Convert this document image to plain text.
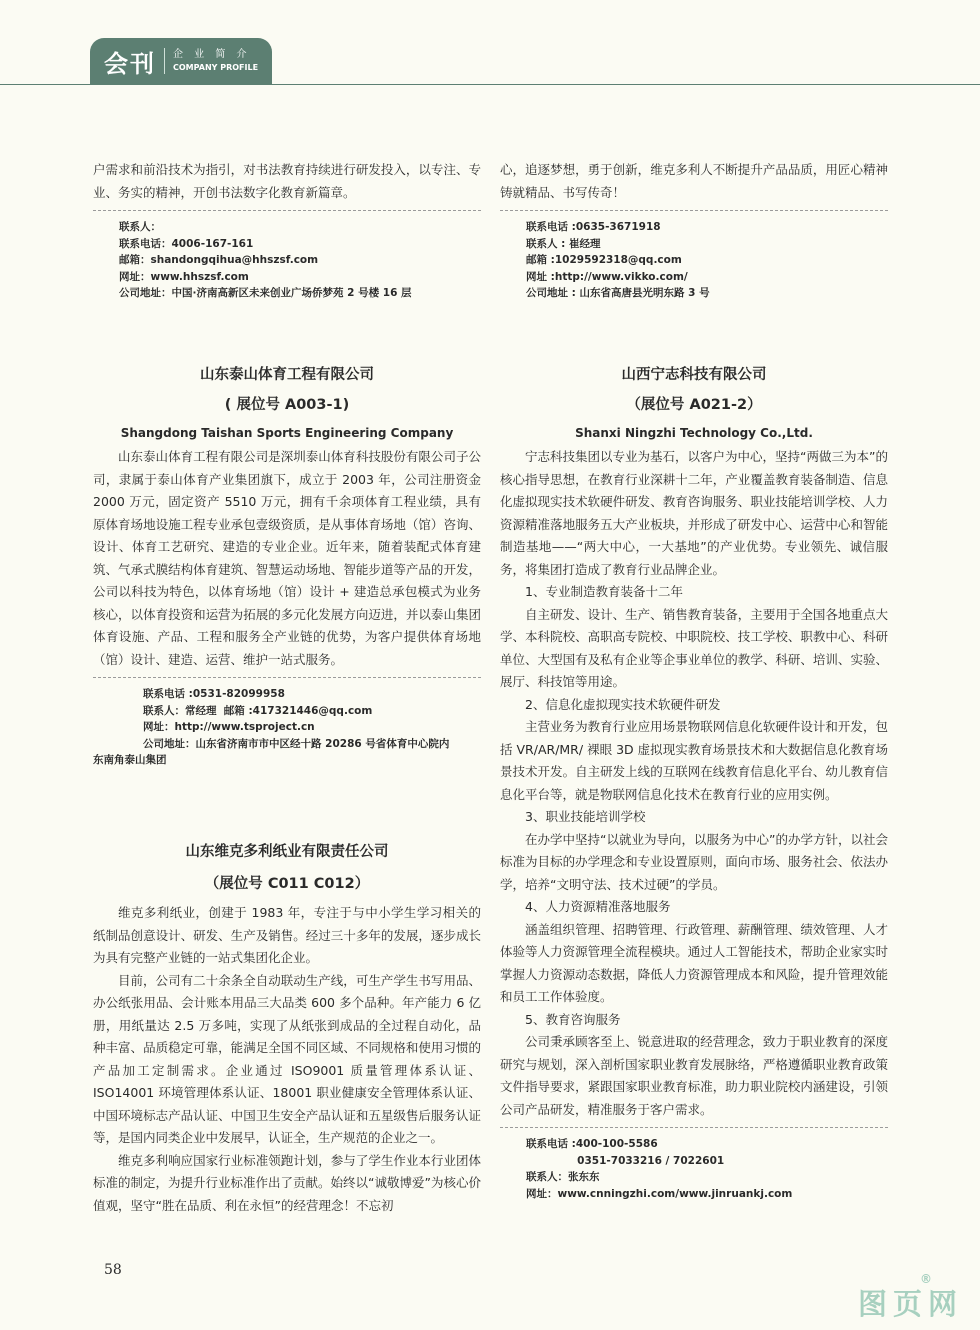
会刊 企 业 简 介
COMPANY PROFILE

户需求和前沿技术为指引，对书法教育持续进行研发投入，以专注、专业、务实的精神，开创书法数字化教育新篇章。

联系人：
联系电话：4006-167-161
邮箱：shandongqihua@hhszsf.com
网址：www.hhszsf.com
公司地址：中国·济南高新区未来创业广场侨梦苑 2 号楼 16 层

心，追逐梦想，勇于创新，维克多利人不断提升产品品质，用匠心精神铸就精品、书写传奇！

联系电话 :0635-3671918
联系人 : 崔经理
邮箱 :1029592318@qq.com
网址 :http://www.vikko.com/
公司地址 : 山东省高唐县光明东路 3 号

山东泰山体育工程有限公司

( 展位号 A003-1)

Shangdong Taishan Sports Engineering Company

山东泰山体育工程有限公司是深圳泰山体育科技股份有限公司子公司，隶属于泰山体育产业集团旗下，成立于 2003 年，公司注册资金 2000 万元，固定资产 5510 万元，拥有千余项体育工程业绩，具有原体育场地设施工程专业承包壹级资质，是从事体育场地（馆）咨询、设计、体育工艺研究、建造的专业企业。近年来，随着装配式体育建筑、气承式膜结构体育建筑、智慧运动场地、智能步道等产品的开发，公司以科技为特色，以体育场地（馆）设计 + 建造总承包模式为业务核心，以体育投资和运营为拓展的多元化发展方向迈进，并以泰山集团体育设施、产品、工程和服务全产业链的优势，为客户提供体育场地（馆）设计、建造、运营、维护一站式服务。

联系电话 :0531-82099958
联系人：常经理  邮箱 :417321446@qq.com
网址：http://www.tsproject.cn
公司地址：山东省济南市市中区经十路 20286 号省体育中心院内
东南角泰山集团

山东维克多利纸业有限责任公司

（展位号 C011 C012）

维克多利纸业，创建于 1983 年，专注于与中小学生学习相关的纸制品创意设计、研发、生产及销售。经过三十多年的发展，逐步成长为具有完整产业链的一站式集团化企业。

目前，公司有二十余条全自动联动生产线，可生产学生书写用品、办公纸张用品、会计账本用品三大品类 600 多个品种。年产能力 6 亿册，用纸量达 2.5 万多吨，实现了从纸张到成品的全过程自动化，品种丰富、品质稳定可靠，能满足全国不同区域、不同规格和使用习惯的产品加工定制需求。企业通过 ISO9001 质量管理体系认证、ISO14001 环境管理体系认证、18001 职业健康安全管理体系认证、中国环境标志产品认证、中国卫生安全产品认证和五星级售后服务认证等，是国内同类企业中发展早，认证全，生产规范的企业之一。

维克多利响应国家行业标准领跑计划，参与了学生作业本行业团体标准的制定，为提升行业标准作出了贡献。始终以“诚敬博爱”为核心价值观，坚守“胜在品质、利在永恒”的经营理念！不忘初

山西宁志科技有限公司

（展位号 A021-2）

Shanxi Ningzhi Technology Co.,Ltd.

宁志科技集团以专业为基石，以客户为中心，坚持“两做三为本”的核心指导思想，在教育行业深耕十二年，产业覆盖教育装备制造、信息化虚拟现实技术软硬件研发、教育咨询服务、职业技能培训学校、人力资源精准落地服务五大产业板块，并形成了研发中心、运营中心和智能制造基地——“两大中心，一大基地”的产业优势。专业领先、诚信服务，将集团打造成了教育行业品牌企业。

1、专业制造教育装备十二年

自主研发、设计、生产、销售教育装备，主要用于全国各地重点大学、本科院校、高职高专院校、中职院校、技工学校、职教中心、科研单位、大型国有及私有企业等企事业单位的教学、科研、培训、实验、展厅、科技馆等用途。

2、信息化虚拟现实技术软硬件研发

主营业务为教育行业应用场景物联网信息化软硬件设计和开发，包括 VR/AR/MR/ 裸眼 3D 虚拟现实教育场景技术和大数据信息化教育场景技术开发。自主研发上线的互联网在线教育信息化平台、幼儿教育信息化平台等，就是物联网信息化技术在教育行业的应用实例。

3、职业技能培训学校

在办学中坚持“以就业为导向，以服务为中心”的办学方针，以社会标准为目标的办学理念和专业设置原则，面向市场、服务社会、依法办学，培养“文明守法、技术过硬”的学员。

4、人力资源精准落地服务

涵盖组织管理、招聘管理、行政管理、薪酬管理、绩效管理、人才体验等人力资源管理全流程模块。通过人工智能技术，帮助企业家实时掌握人力资源动态数据，降低人力资源管理成本和风险，提升管理效能和员工工作体验度。

5、教育咨询服务

公司秉承顾客至上、锐意进取的经营理念，致力于职业教育的深度研究与规划，深入剖析国家职业教育发展脉络，严格遵循职业教育政策文件指导要求，紧跟国家职业教育标准，助力职业院校内涵建设，引领公司产品研发，精准服务于客户需求。

联系电话 :400-100-5586
0351-7033216 / 7022601
联系人：张东东
网址：www.cnningzhi.com/www.jinruankj.com
58
图页网
®
